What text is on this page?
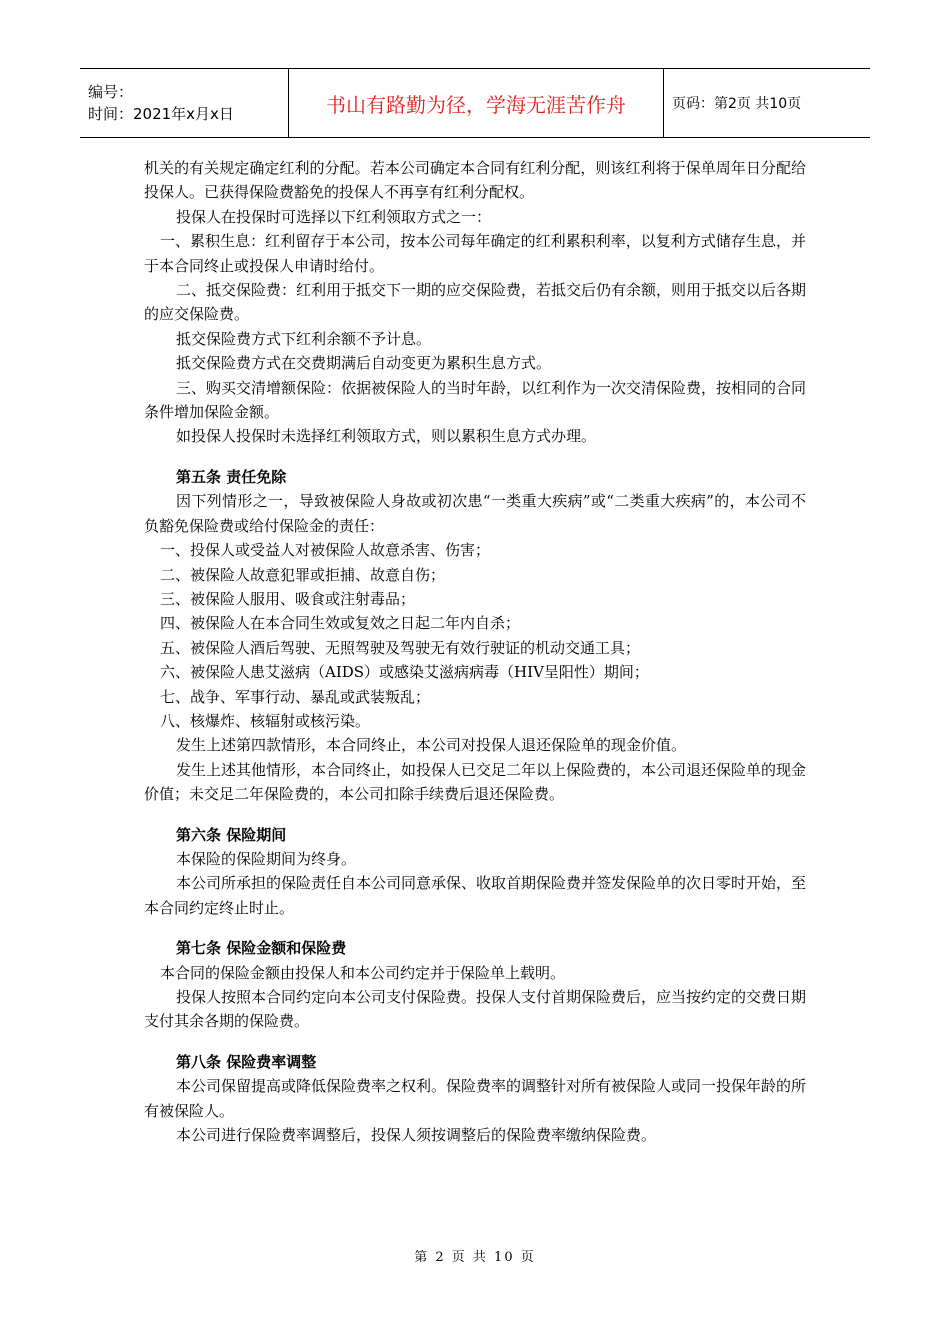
编号：
时间：2021年x月x日	书山有路勤为径，学海无涯苦作舟	页码：第2页 共10页

机关的有关规定确定红利的分配。若本公司确定本合同有红利分配，则该红利将于保单周年日分配给投保人。已获得保险费豁免的投保人不再享有红利分配权。

投保人在投保时可选择以下红利领取方式之一：

一、累积生息：红利留存于本公司，按本公司每年确定的红利累积利率，以复利方式储存生息，并于本合同终止或投保人申请时给付。

二、抵交保险费：红利用于抵交下一期的应交保险费，若抵交后仍有余额，则用于抵交以后各期的应交保险费。

抵交保险费方式下红利余额不予计息。

抵交保险费方式在交费期满后自动变更为累积生息方式。

三、购买交清增额保险：依据被保险人的当时年龄，以红利作为一次交清保险费，按相同的合同条件增加保险金额。

如投保人投保时未选择红利领取方式，则以累积生息方式办理。

第五条 责任免除

因下列情形之一，导致被保险人身故或初次患“一类重大疾病”或“二类重大疾病”的，本公司不负豁免保险费或给付保险金的责任：

一、投保人或受益人对被保险人故意杀害、伤害；

二、被保险人故意犯罪或拒捕、故意自伤；

三、被保险人服用、吸食或注射毒品；

四、被保险人在本合同生效或复效之日起二年内自杀；

五、被保险人酒后驾驶、无照驾驶及驾驶无有效行驶证的机动交通工具；

六、被保险人患艾滋病（AIDS）或感染艾滋病病毒（HIV呈阳性）期间；

七、战争、军事行动、暴乱或武装叛乱；

八、核爆炸、核辐射或核污染。

发生上述第四款情形，本合同终止，本公司对投保人退还保险单的现金价值。

发生上述其他情形，本合同终止，如投保人已交足二年以上保险费的，本公司退还保险单的现金价值；未交足二年保险费的，本公司扣除手续费后退还保险费。

第六条 保险期间

本保险的保险期间为终身。

本公司所承担的保险责任自本公司同意承保、收取首期保险费并签发保险单的次日零时开始，至本合同约定终止时止。

第七条 保险金额和保险费

本合同的保险金额由投保人和本公司约定并于保险单上载明。

投保人按照本合同约定向本公司支付保险费。投保人支付首期保险费后，应当按约定的交费日期支付其余各期的保险费。

第八条 保险费率调整

本公司保留提高或降低保险费率之权利。保险费率的调整针对所有被保险人或同一投保年龄的所有被保险人。

本公司进行保险费率调整后，投保人须按调整后的保险费率缴纳保险费。

第 2 页 共 10 页
